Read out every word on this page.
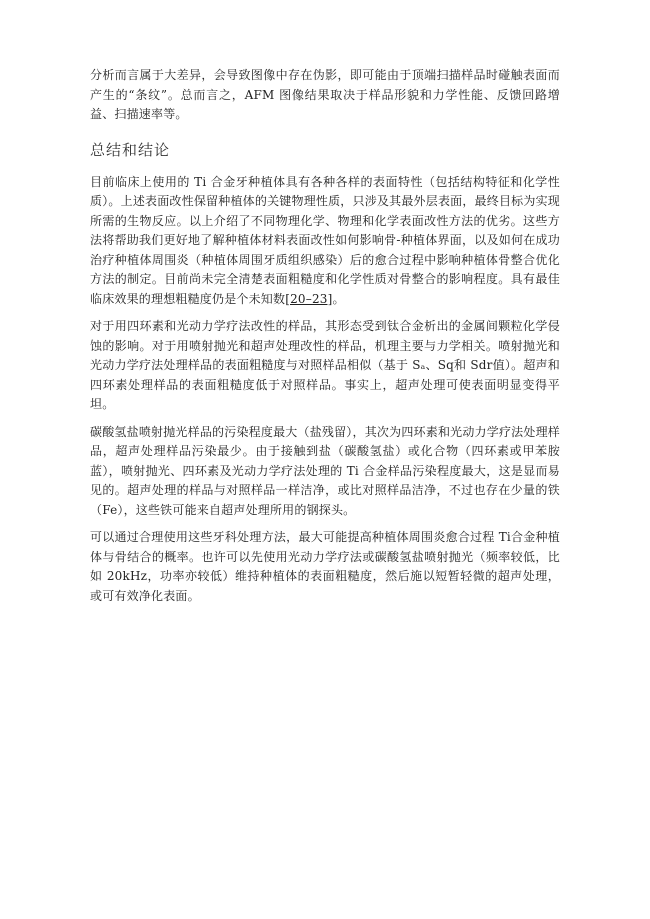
分析而言属于大差异，会导致图像中存在伪影，即可能由于顶端扫描样品时碰触表面而产生的“条纹”。总而言之，AFM 图像结果取决于样品形貌和力学性能、反馈回路增益、扫描速率等。

总结和结论

目前临床上使用的 Ti 合金牙种植体具有各种各样的表面特性（包括结构特征和化学性质）。上述表面改性保留种植体的关键物理性质，只涉及其最外层表面，最终目标为实现所需的生物反应。以上介绍了不同物理化学、物理和化学表面改性方法的优劣。这些方法将帮助我们更好地了解种植体材料表面改性如何影响骨-种植体界面，以及如何在成功治疗种植体周围炎（种植体周围牙质组织感染）后的愈合过程中影响种植体骨整合优化方法的制定。目前尚未完全清楚表面粗糙度和化学性质对骨整合的影响程度。具有最佳临床效果的理想粗糙度仍是个未知数[20–23]。

对于用四环素和光动力学疗法改性的样品，其形态受到钛合金析出的金属间颗粒化学侵蚀的影响。对于用喷射抛光和超声处理改性的样品，机理主要与力学相关。喷射抛光和光动力学疗法处理样品的表面粗糙度与对照样品相似（基于 Sₐ、Sq和 Sdr值）。超声和四环素处理样品的表面粗糙度低于对照样品。事实上，超声处理可使表面明显变得平坦。

碳酸氢盐喷射抛光样品的污染程度最大（盐残留），其次为四环素和光动力学疗法处理样品，超声处理样品污染最少。由于接触到盐（碳酸氢盐）或化合物（四环素或甲苯胺蓝），喷射抛光、四环素及光动力学疗法处理的 Ti 合金样品污染程度最大，这是显而易见的。超声处理的样品与对照样品一样洁净，或比对照样品洁净，不过也存在少量的铁（Fe），这些铁可能来自超声处理所用的钢探头。

可以通过合理使用这些牙科处理方法，最大可能提高种植体周围炎愈合过程 Ti合金种植体与骨结合的概率。也许可以先使用光动力学疗法或碳酸氢盐喷射抛光（频率较低，比如 20kHz，功率亦较低）维持种植体的表面粗糙度，然后施以短暂轻微的超声处理，或可有效净化表面。
